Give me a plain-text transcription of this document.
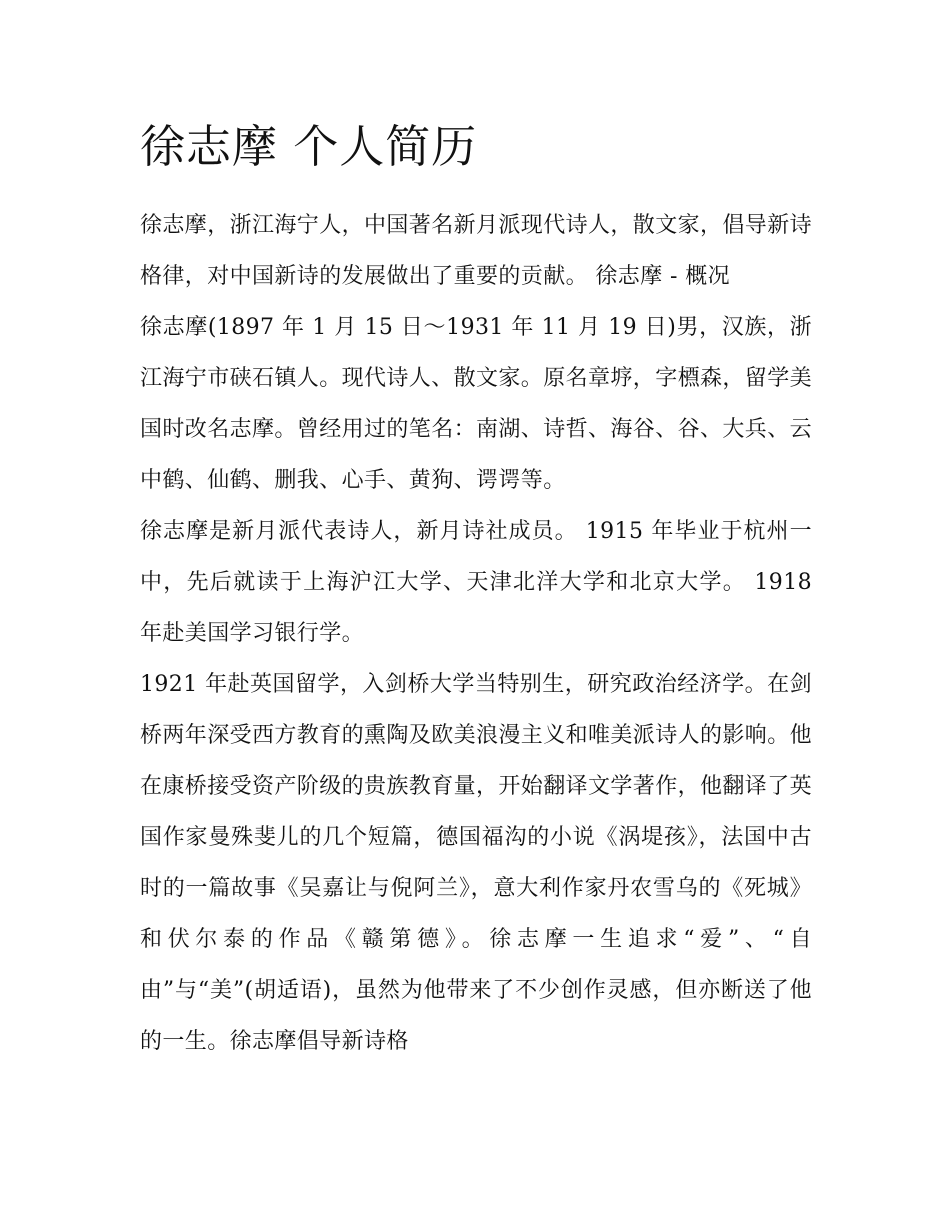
徐志摩 个人简历

徐志摩，浙江海宁人，中国著名新月派现代诗人，散文家，倡导新诗格律，对中国新诗的发展做出了重要的贡献。 徐志摩 - 概况

徐志摩(1897 年 1 月 15 日～1931 年 11 月 19 日)男，汉族，浙江海宁市硖石镇人。现代诗人、散文家。原名章垿，字槱森，留学美国时改名志摩。曾经用过的笔名：南湖、诗哲、海谷、谷、大兵、云中鹤、仙鹤、删我、心手、黄狗、谔谔等。

徐志摩是新月派代表诗人，新月诗社成员。 1915 年毕业于杭州一中，先后就读于上海沪江大学、天津北洋大学和北京大学。 1918 年赴美国学习银行学。

1921 年赴英国留学，入剑桥大学当特别生，研究政治经济学。在剑桥两年深受西方教育的熏陶及欧美浪漫主义和唯美派诗人的影响。他在康桥接受资产阶级的贵族教育量，开始翻译文学著作，他翻译了英国作家曼殊斐儿的几个短篇，德国福沟的小说《涡堤孩》，法国中古时的一篇故事《吴嘉让与倪阿兰》，意大利作家丹农雪乌的《死城》和伏尔泰的作品《赣第德》。徐志摩一生追求“爱”、“自由”与“美”(胡适语)，虽然为他带来了不少创作灵感，但亦断送了他的一生。徐志摩倡导新诗格
